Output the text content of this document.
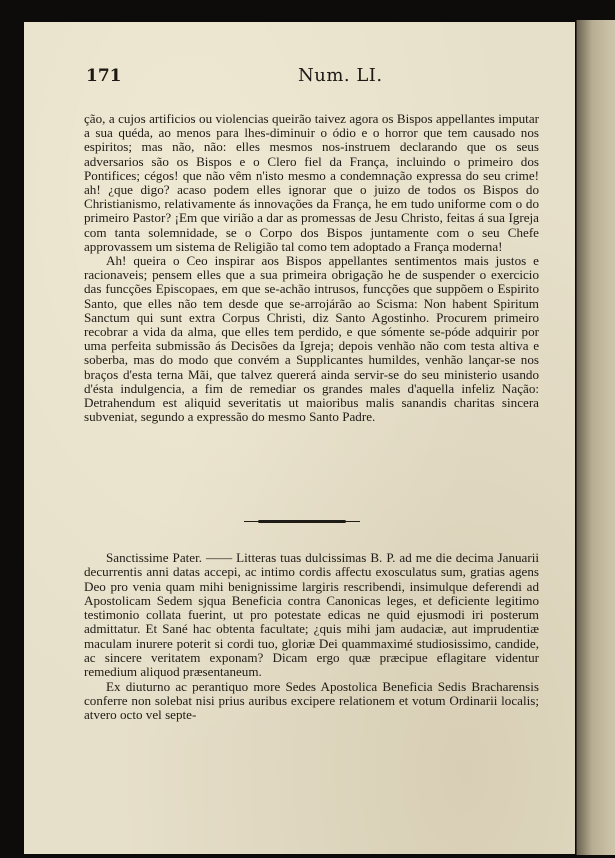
171	Num. LI.

ção, a cujos artificios ou violencias queirão taivez agora os Bispos appellantes imputar a sua quéda, ao menos para lhes-diminuir o ódio e o horror que tem causado nos espiritos; mas não, não: elles mesmos nos-instruem declarando que os seus adversarios são os Bispos e o Clero fiel da França, incluindo o primeiro dos Pontifices; cégos! que não vêm n'isto mesmo a condemnação expressa do seu crime! ah! ¿que digo? acaso podem elles ignorar que o juizo de todos os Bispos do Christianismo, relativamente ás innovações da França, he em tudo uniforme com o do primeiro Pastor? ¡Em que virião a dar as promessas de Jesu Christo, feitas á sua Igreja com tanta solemnidade, se o Corpo dos Bispos juntamente com o seu Chefe approvassem um sistema de Religião tal como tem adoptado a França moderna!

Ah! queira o Ceo inspirar aos Bispos appellantes sentimentos mais justos e racionaveis; pensem elles que a sua primeira obrigação he de suspender o exercicio das funcções Episcopaes, em que se-achão intrusos, funcções que suppõem o Espirito Santo, que elles não tem desde que se-arrojárão ao Scisma: Non habent Spiritum Sanctum qui sunt extra Corpus Christi, diz Santo Agostinho. Procurem primeiro recobrar a vida da alma, que elles tem perdido, e que sómente se-póde adquirir por uma perfeita submissão ás Decisões da Igreja; depois venhão não com testa altiva e soberba, mas do modo que convém a Supplicantes humildes, venhão lançar-se nos braços d'esta terna Mãi, que talvez quererá ainda servir-se do seu ministerio usando d'ésta indulgencia, a fim de remediar os grandes males d'aquella infeliz Nação: Detrahendum est aliquid severitatis ut maioribus malis sanandis charitas sincera subveniat, segundo a expressão do mesmo Santo Padre.

Sanctissime Pater. —— Litteras tuas dulcissimas B. P. ad me die decima Januarii decurrentis anni datas accepi, ac intimo cordis affectu exosculatus sum, gratias agens Deo pro venia quam mihi benignissime largiris rescribendi, insimulque deferendi ad Apostolicam Sedem sjqua Beneficia contra Canonicas leges, et deficiente legitimo testimonio collata fuerint, ut pro potestate edicas ne quid ejusmodi iri posterum admittatur. Et Sané hac obtenta facultate; ¿quis mihi jam audaciæ, aut imprudentiæ maculam inurere poterit si cordi tuo, gloriæ Dei quammaximé studiosissimo, candide, ac sincere veritatem exponam? Dicam ergo quæ præcipue eflagitare videntur remedium aliquod præsentaneum.

Ex diuturno ac perantiquo more Sedes Apostolica Beneficia Sedis Bracharensis conferre non solebat nisi prius auribus excipere relationem et votum Ordinarii localis; atvero octo vel septe-
